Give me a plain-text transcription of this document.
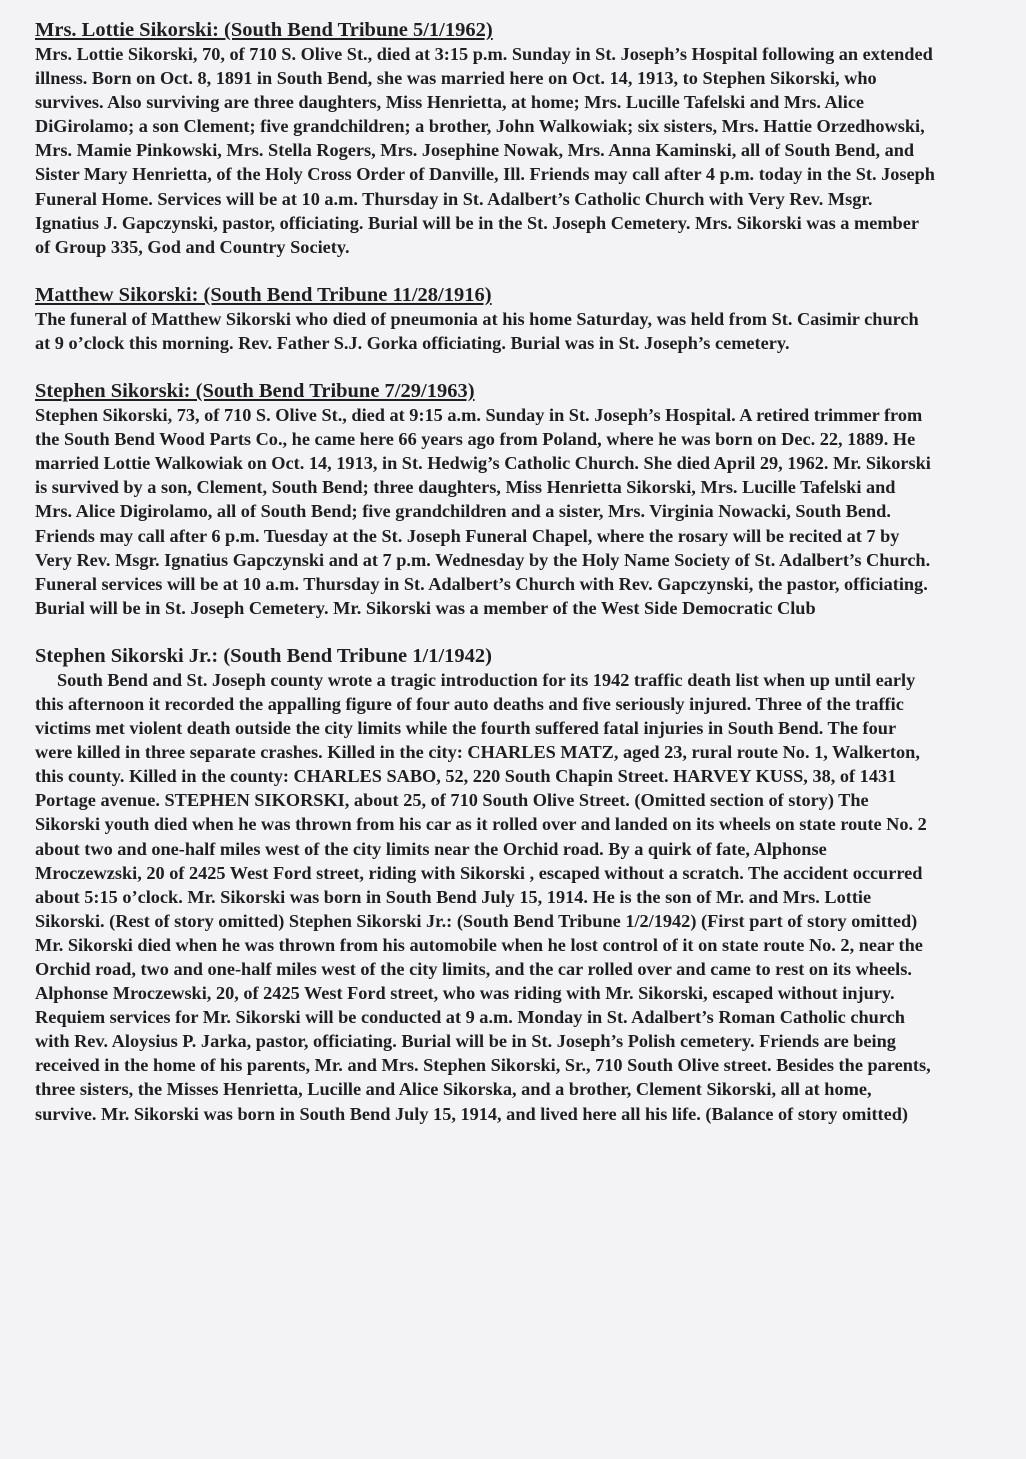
Mrs. Lottie Sikorski: (South Bend Tribune 5/1/1962)

Mrs. Lottie Sikorski, 70, of 710 S. Olive St., died at 3:15 p.m. Sunday in St. Joseph’s Hospital following an extended illness. Born on Oct. 8, 1891 in South Bend, she was married here on Oct. 14, 1913, to Stephen Sikorski, who survives. Also surviving are three daughters, Miss Henrietta, at home; Mrs. Lucille Tafelski and Mrs. Alice DiGirolamo; a son Clement; five grandchildren; a brother, John Walkowiak; six sisters, Mrs. Hattie Orzedhowski, Mrs. Mamie Pinkowski, Mrs. Stella Rogers, Mrs. Josephine Nowak, Mrs. Anna Kaminski, all of South Bend, and Sister Mary Henrietta, of the Holy Cross Order of Danville, Ill. Friends may call after 4 p.m. today in the St. Joseph Funeral Home. Services will be at 10 a.m. Thursday in St. Adalbert’s Catholic Church with Very Rev. Msgr. Ignatius J. Gapczynski, pastor, officiating. Burial will be in the St. Joseph Cemetery. Mrs. Sikorski was a member of Group 335, God and Country Society.

Matthew Sikorski: (South Bend Tribune 11/28/1916)

The funeral of Matthew Sikorski who died of pneumonia at his home Saturday, was held from St. Casimir church at 9 o’clock this morning. Rev. Father S.J. Gorka officiating. Burial was in St. Joseph’s cemetery.

Stephen Sikorski: (South Bend Tribune 7/29/1963)

Stephen Sikorski, 73, of 710 S. Olive St., died at 9:15 a.m. Sunday in St. Joseph’s Hospital. A retired trimmer from the South Bend Wood Parts Co., he came here 66 years ago from Poland, where he was born on Dec. 22, 1889. He married Lottie Walkowiak on Oct. 14, 1913, in St. Hedwig’s Catholic Church. She died April 29, 1962. Mr. Sikorski is survived by a son, Clement, South Bend; three daughters, Miss Henrietta Sikorski, Mrs. Lucille Tafelski and Mrs. Alice Digirolamo, all of South Bend; five grandchildren and a sister, Mrs. Virginia Nowacki, South Bend. Friends may call after 6 p.m. Tuesday at the St. Joseph Funeral Chapel, where the rosary will be recited at 7 by Very Rev. Msgr. Ignatius Gapczynski and at 7 p.m. Wednesday by the Holy Name Society of St. Adalbert’s Church. Funeral services will be at 10 a.m. Thursday in St. Adalbert’s Church with Rev. Gapczynski, the pastor, officiating. Burial will be in St. Joseph Cemetery. Mr. Sikorski was a member of the West Side Democratic Club

Stephen Sikorski Jr.: (South Bend Tribune 1/1/1942)

South Bend and St. Joseph county wrote a tragic introduction for its 1942 traffic death list when up until early this afternoon it recorded the appalling figure of four auto deaths and five seriously injured. Three of the traffic victims met violent death outside the city limits while the fourth suffered fatal injuries in South Bend. The four were killed in three separate crashes. Killed in the city: CHARLES MATZ, aged 23, rural route No. 1, Walkerton, this county. Killed in the county: CHARLES SABO, 52, 220 South Chapin Street. HARVEY KUSS, 38, of 1431 Portage avenue. STEPHEN SIKORSKI, about 25, of 710 South Olive Street. (Omitted section of story) The Sikorski youth died when he was thrown from his car as it rolled over and landed on its wheels on state route No. 2 about two and one-half miles west of the city limits near the Orchid road. By a quirk of fate, Alphonse Mroczewzski, 20 of 2425 West Ford street, riding with Sikorski , escaped without a scratch. The accident occurred about 5:15 o’clock. Mr. Sikorski was born in South Bend July 15, 1914. He is the son of Mr. and Mrs. Lottie Sikorski. (Rest of story omitted) Stephen Sikorski Jr.: (South Bend Tribune 1/2/1942) (First part of story omitted) Mr. Sikorski died when he was thrown from his automobile when he lost control of it on state route No. 2, near the Orchid road, two and one-half miles west of the city limits, and the car rolled over and came to rest on its wheels. Alphonse Mroczewski, 20, of 2425 West Ford street, who was riding with Mr. Sikorski, escaped without injury. Requiem services for Mr. Sikorski will be conducted at 9 a.m. Monday in St. Adalbert’s Roman Catholic church with Rev. Aloysius P. Jarka, pastor, officiating. Burial will be in St. Joseph’s Polish cemetery. Friends are being received in the home of his parents, Mr. and Mrs. Stephen Sikorski, Sr., 710 South Olive street. Besides the parents, three sisters, the Misses Henrietta, Lucille and Alice Sikorska, and a brother, Clement Sikorski, all at home, survive. Mr. Sikorski was born in South Bend July 15, 1914, and lived here all his life. (Balance of story omitted)
